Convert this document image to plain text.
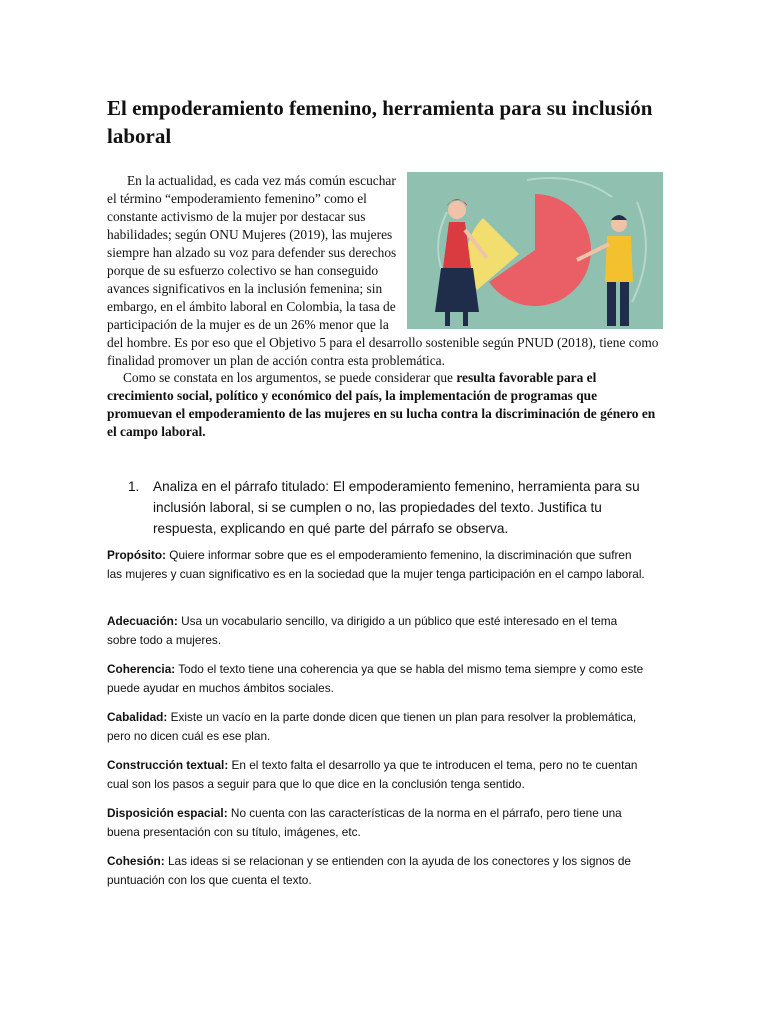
El empoderamiento femenino, herramienta para su inclusión laboral
En la actualidad, es cada vez más común escuchar el término “empoderamiento femenino” como el constante activismo de la mujer por destacar sus habilidades; según ONU Mujeres (2019), las mujeres siempre han alzado su voz para defender sus derechos porque de su esfuerzo colectivo se han conseguido avances significativos en la inclusión femenina; sin embargo, en el ámbito laboral en Colombia, la tasa de participación de la mujer es de un 26% menor que la del hombre. Es por eso que el Objetivo 5 para el desarrollo sostenible según PNUD (2018), tiene como finalidad promover un plan de acción contra esta problemática.

Como se constata en los argumentos, se puede considerar que resulta favorable para el crecimiento social, político y económico del país, la implementación de programas que promuevan el empoderamiento de las mujeres en su lucha contra la discriminación de género en el campo laboral.

1.	Analiza en el párrafo titulado: El empoderamiento femenino, herramienta para su inclusión laboral, si se cumplen o no, las propiedades del texto. Justifica tu respuesta, explicando en qué parte del párrafo se observa.

Propósito: Quiere informar sobre que es el empoderamiento femenino, la discriminación que sufren las mujeres y cuan significativo es en la sociedad que la mujer tenga participación en el campo laboral.

Adecuación: Usa un vocabulario sencillo, va dirigido a un público que esté interesado en el tema sobre todo a mujeres.

Coherencia: Todo el texto tiene una coherencia ya que se habla del mismo tema siempre y como este puede ayudar en muchos ámbitos sociales.

Cabalidad: Existe un vacío en la parte donde dicen que tienen un plan para resolver la problemática, pero no dicen cuál es ese plan.

Construcción textual: En el texto falta el desarrollo ya que te introducen el tema, pero no te cuentan cual son los pasos a seguir para que lo que dice en la conclusión tenga sentido.

Disposición espacial: No cuenta con las características de la norma en el párrafo, pero tiene una buena presentación con su título, imágenes, etc.

Cohesión: Las ideas si se relacionan y se entienden con la ayuda de los conectores y los signos de puntuación con los que cuenta el texto.
